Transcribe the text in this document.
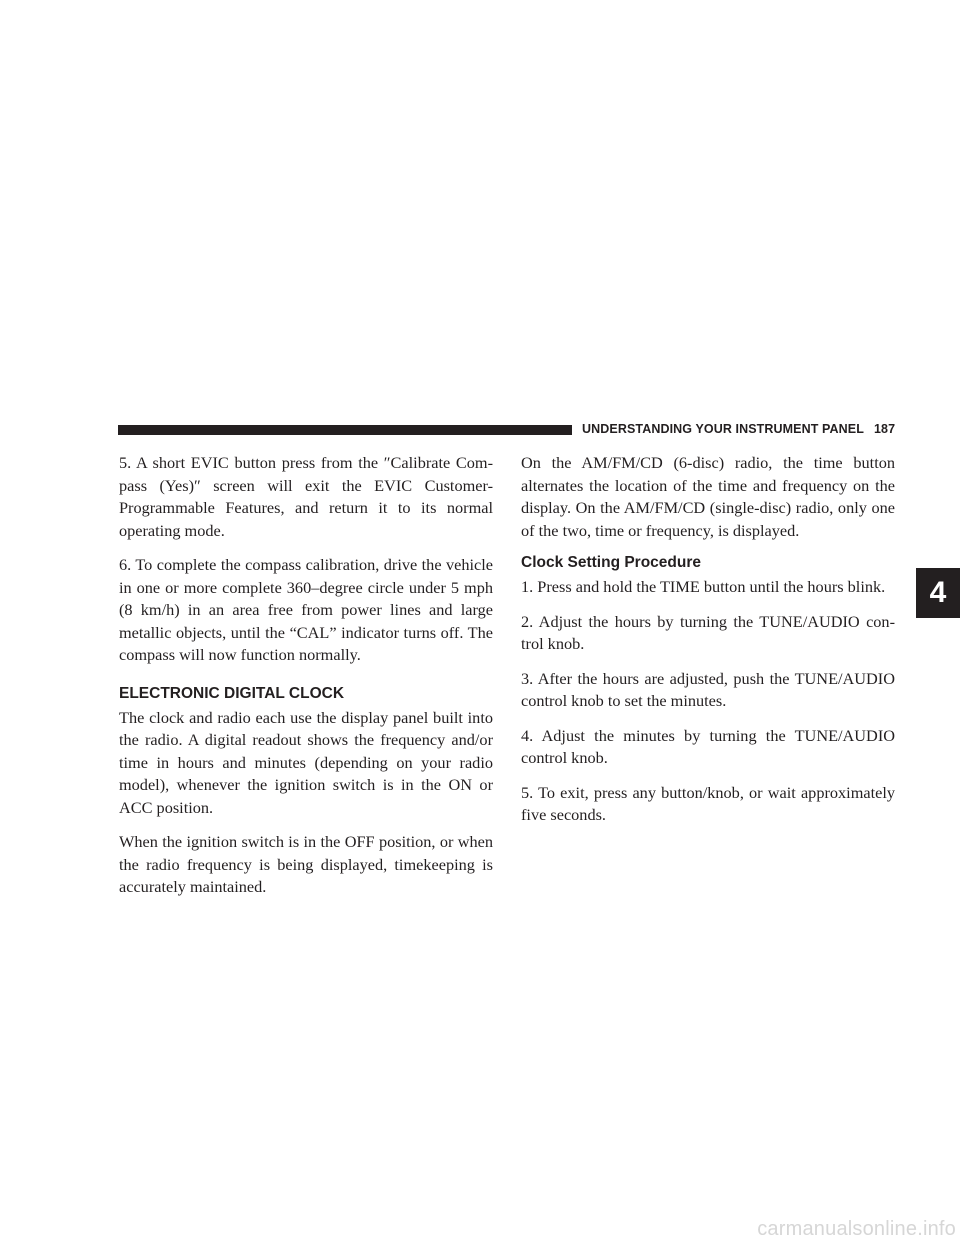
UNDERSTANDING YOUR INSTRUMENT PANEL 187

5. A short EVIC button press from the ″Calibrate Com-pass (Yes)″ screen will exit the EVIC Customer-Programmable Features, and return it to its normal operating mode.

6. To complete the compass calibration, drive the vehicle in one or more complete 360–degree circle under 5 mph (8 km/h) in an area free from power lines and large metallic objects, until the “CAL” indicator turns off. The compass will now function normally.

ELECTRONIC DIGITAL CLOCK

The clock and radio each use the display panel built into the radio. A digital readout shows the frequency and/or time in hours and minutes (depending on your radio model), whenever the ignition switch is in the ON or ACC position.

When the ignition switch is in the OFF position, or when the radio frequency is being displayed, timekeeping is accurately maintained.

On the AM/FM/CD (6-disc) radio, the time button alternates the location of the time and frequency on the display. On the AM/FM/CD (single-disc) radio, only one of the two, time or frequency, is displayed.

Clock Setting Procedure

1. Press and hold the TIME button until the hours blink.

2. Adjust the hours by turning the TUNE/AUDIO con-trol knob.

3. After the hours are adjusted, push the TUNE/AUDIO control knob to set the minutes.

4. Adjust the minutes by turning the TUNE/AUDIO control knob.

5. To exit, press any button/knob, or wait approximately five seconds.

4
carmanualsonline.info
